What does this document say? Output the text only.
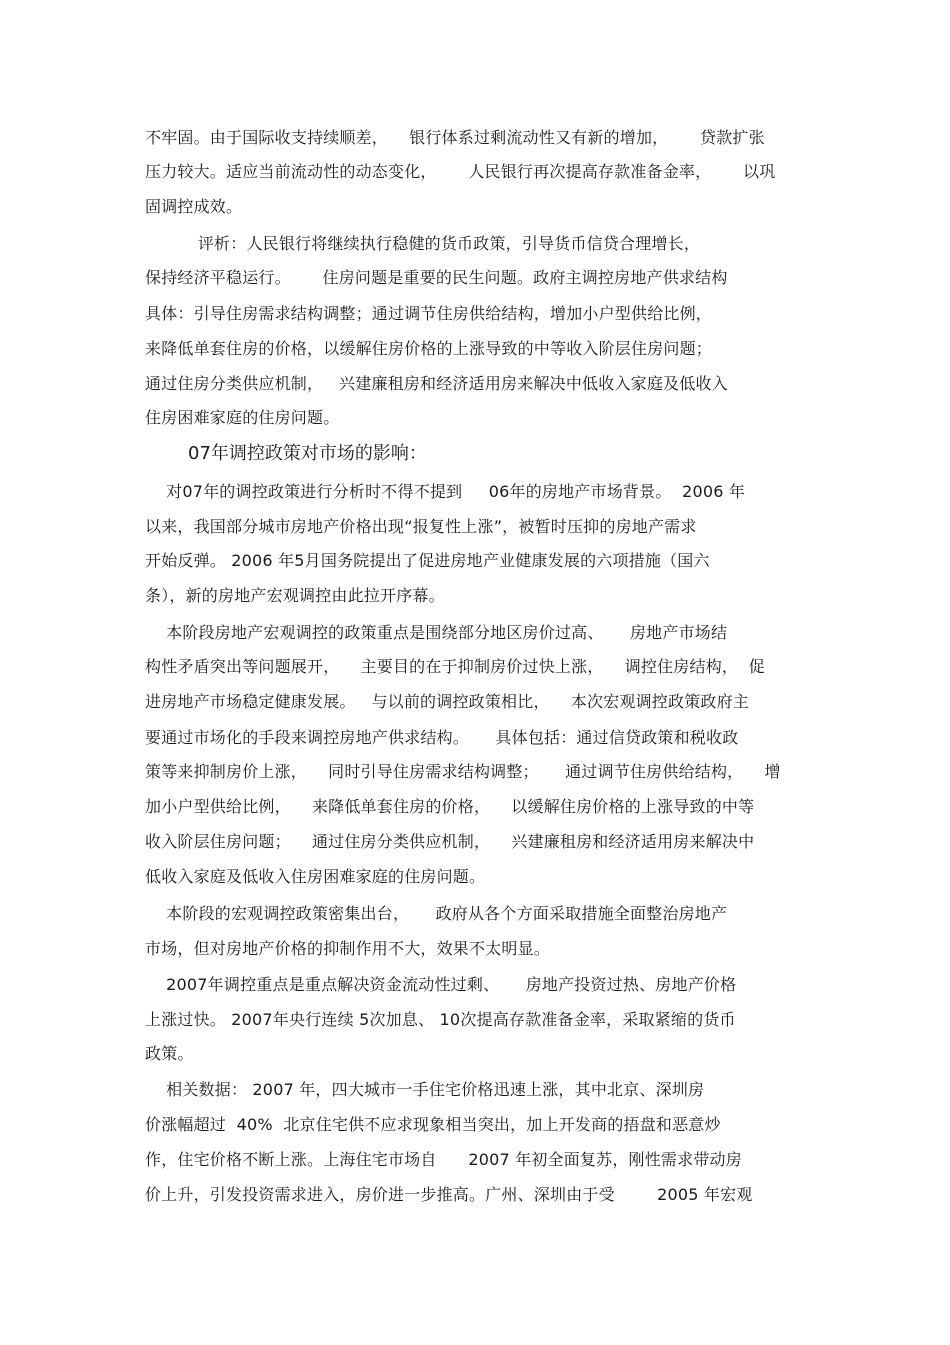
不牢固。由于国际收支持续顺差，    银行体系过剩流动性又有新的增加，      贷款扩张
压力较大。适应当前流动性的动态变化，      人民银行再次提高存款准备金率，      以巩
固调控成效。
评析：人民银行将继续执行稳健的货币政策，引导货币信贷合理增长，
保持经济平稳运行。      住房问题是重要的民生问题。政府主调控房地产供求结构
具体：引导住房需求结构调整；通过调节住房供给结构，增加小户型供给比例，
来降低单套住房的价格，以缓解住房价格的上涨导致的中等收入阶层住房问题；
通过住房分类供应机制，   兴建廉租房和经济适用房来解决中低收入家庭及低收入
住房困难家庭的住房问题。
07年调控政策对市场的影响：
对07年的调控政策进行分析时不得不提到     06年的房地产市场背景。  2006 年
以来，我国部分城市房地产价格出现“报复性上涨”，被暂时压抑的房地产需求
开始反弹。 2006 年5月国务院提出了促进房地产业健康发展的六项措施（国六
条），新的房地产宏观调控由此拉开序幕。
本阶段房地产宏观调控的政策重点是围绕部分地区房价过高、     房地产市场结
构性矛盾突出等问题展开，    主要目的在于抑制房价过快上涨，    调控住房结构，  促
进房地产市场稳定健康发展。   与以前的调控政策相比，    本次宏观调控政策政府主
要通过市场化的手段来调控房地产供求结构。     具体包括：通过信贷政策和税收政
策等来抑制房价上涨，    同时引导住房需求结构调整；     通过调节住房供给结构，    增
加小户型供给比例，    来降低单套住房的价格，    以缓解住房价格的上涨导致的中等
收入阶层住房问题；    通过住房分类供应机制，    兴建廉租房和经济适用房来解决中
低收入家庭及低收入住房困难家庭的住房问题。
本阶段的宏观调控政策密集出台，     政府从各个方面采取措施全面整治房地产
市场，但对房地产价格的抑制作用不大，效果不太明显。
2007年调控重点是重点解决资金流动性过剩、     房地产投资过热、房地产价格
上涨过快。 2007年央行连续 5次加息、 10次提高存款准备金率，采取紧缩的货币
政策。
相关数据： 2007 年，四大城市一手住宅价格迅速上涨，其中北京、深圳房
价涨幅超过  40%  北京住宅供不应求现象相当突出，加上开发商的捂盘和恶意炒
作，住宅价格不断上涨。上海住宅市场自      2007 年初全面复苏，刚性需求带动房
价上升，引发投资需求进入，房价进一步推高。广州、深圳由于受        2005 年宏观
